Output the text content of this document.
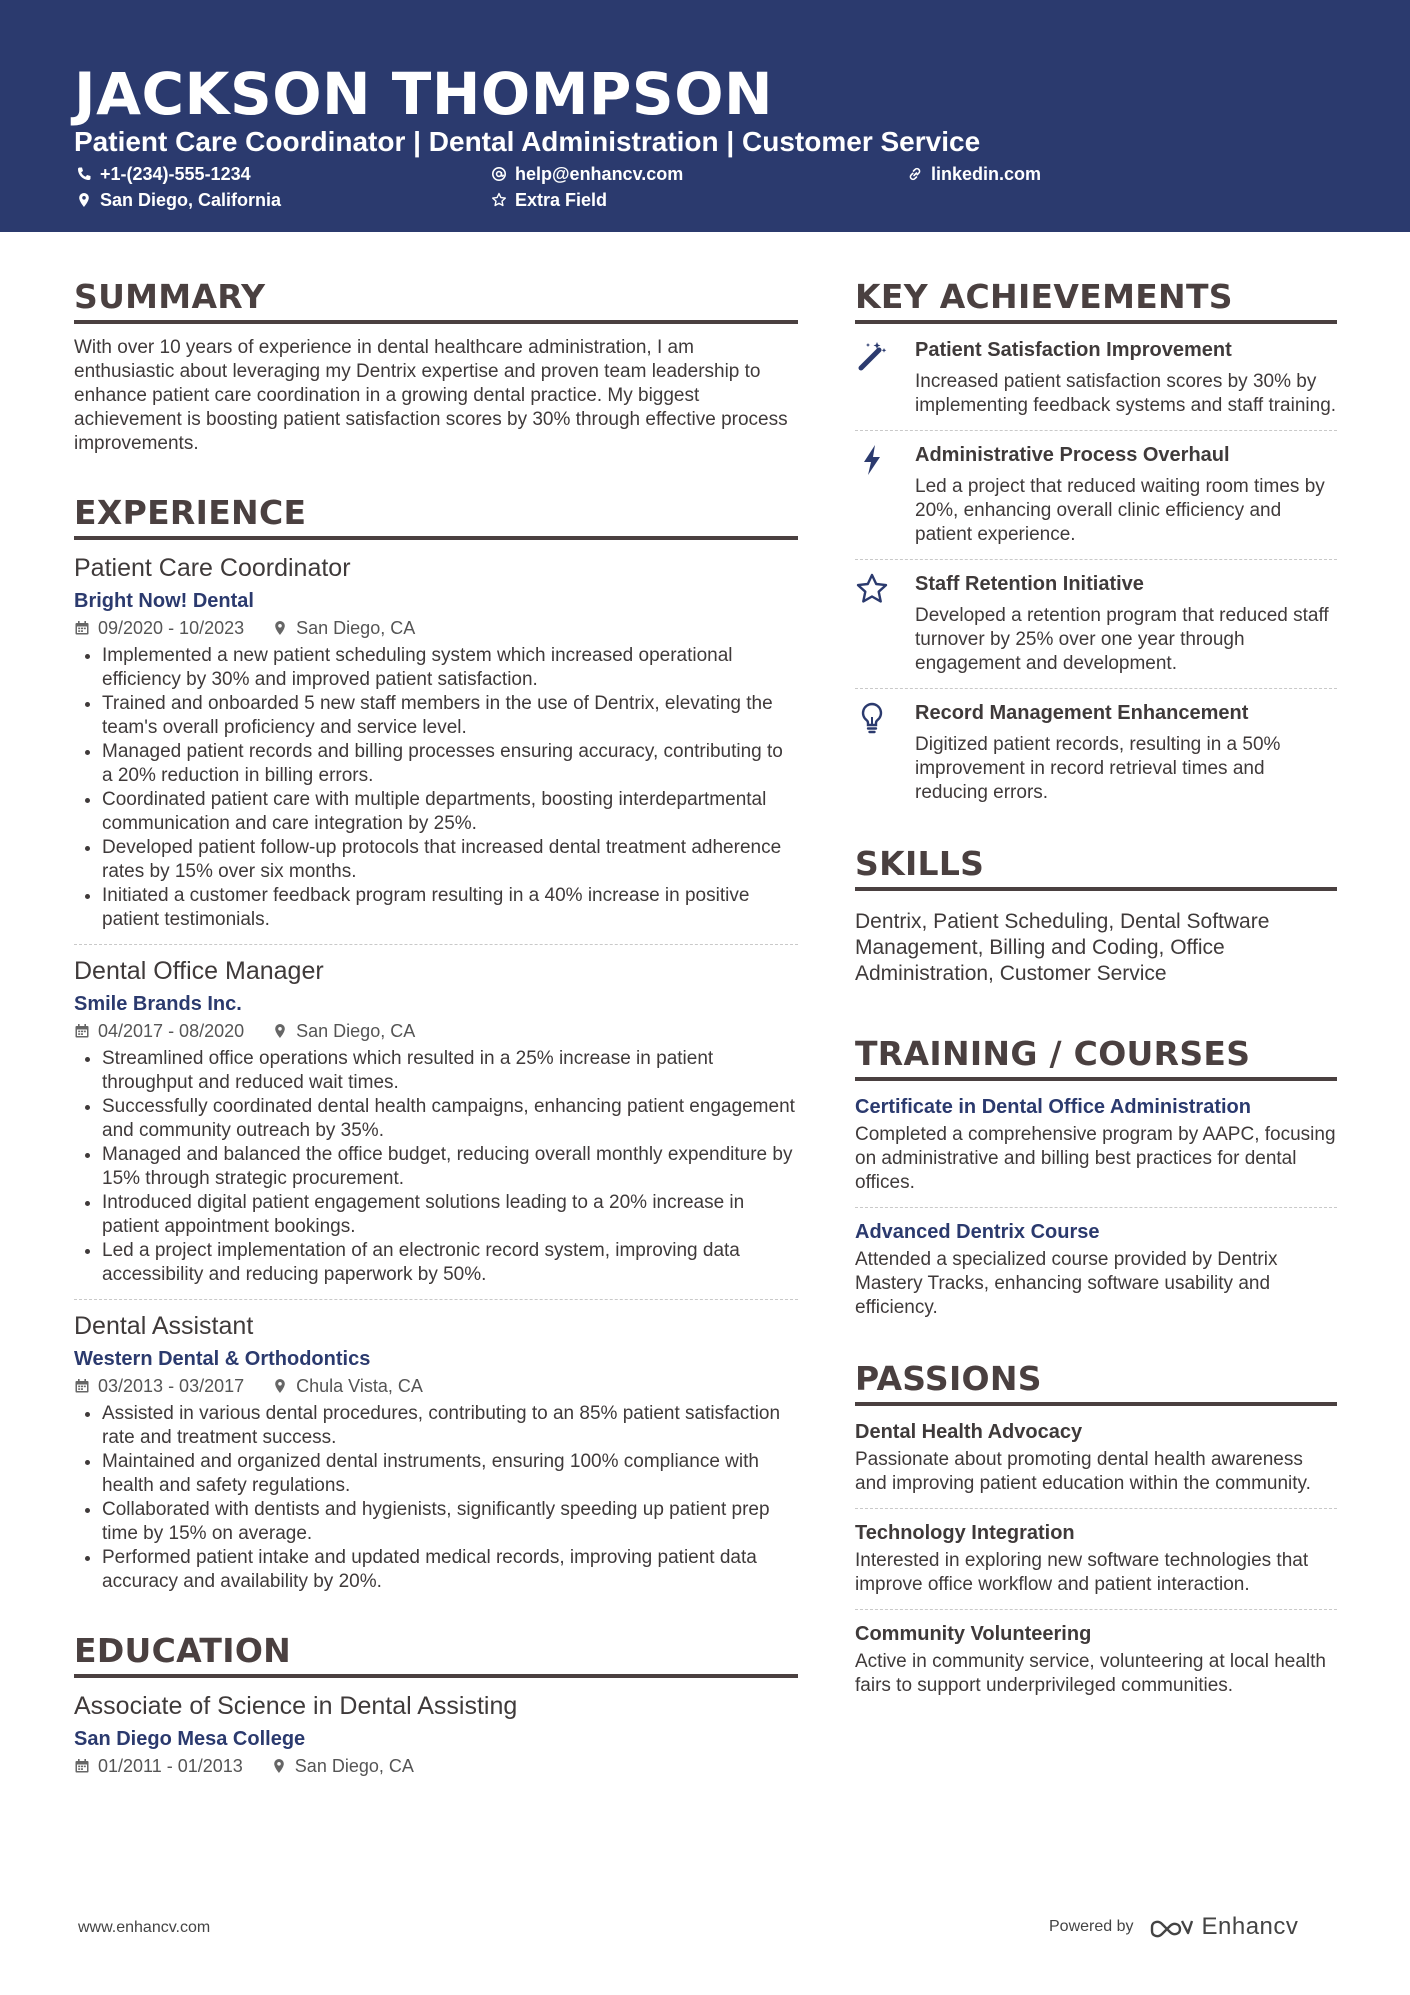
JACKSON THOMPSON
Patient Care Coordinator | Dental Administration | Customer Service
+1-(234)-555-1234	help@enhancv.com	linkedin.com
San Diego, California	Extra Field
SUMMARY

With over 10 years of experience in dental healthcare administration, I am enthusiastic about leveraging my Dentrix expertise and proven team leadership to enhance patient care coordination in a growing dental practice. My biggest achievement is boosting patient satisfaction scores by 30% through effective process improvements.

EXPERIENCE
Patient Care Coordinator
Bright Now! Dental
09/2020 - 10/2023	San Diego, CA
• Implemented a new patient scheduling system which increased operational efficiency by 30% and improved patient satisfaction.
• Trained and onboarded 5 new staff members in the use of Dentrix, elevating the team's overall proficiency and service level.
• Managed patient records and billing processes ensuring accuracy, contributing to a 20% reduction in billing errors.
• Coordinated patient care with multiple departments, boosting interdepartmental communication and care integration by 25%.
• Developed patient follow-up protocols that increased dental treatment adherence rates by 15% over six months.
• Initiated a customer feedback program resulting in a 40% increase in positive patient testimonials.
Dental Office Manager
Smile Brands Inc.
04/2017 - 08/2020	San Diego, CA
• Streamlined office operations which resulted in a 25% increase in patient throughput and reduced wait times.
• Successfully coordinated dental health campaigns, enhancing patient engagement and community outreach by 35%.
• Managed and balanced the office budget, reducing overall monthly expenditure by 15% through strategic procurement.
• Introduced digital patient engagement solutions leading to a 20% increase in patient appointment bookings.
• Led a project implementation of an electronic record system, improving data accessibility and reducing paperwork by 50%.
Dental Assistant
Western Dental & Orthodontics
03/2013 - 03/2017	Chula Vista, CA
• Assisted in various dental procedures, contributing to an 85% patient satisfaction rate and treatment success.
• Maintained and organized dental instruments, ensuring 100% compliance with health and safety regulations.
• Collaborated with dentists and hygienists, significantly speeding up patient prep time by 15% on average.
• Performed patient intake and updated medical records, improving patient data accuracy and availability by 20%.
EDUCATION
Associate of Science in Dental Assisting
San Diego Mesa College
01/2011 - 01/2013	San Diego, CA
KEY ACHIEVEMENTS
Patient Satisfaction Improvement

Increased patient satisfaction scores by 30% by implementing feedback systems and staff training.

Administrative Process Overhaul

Led a project that reduced waiting room times by 20%, enhancing overall clinic efficiency and patient experience.

Staff Retention Initiative

Developed a retention program that reduced staff turnover by 25% over one year through engagement and development.

Record Management Enhancement

Digitized patient records, resulting in a 50% improvement in record retrieval times and reducing errors.

SKILLS

Dentrix, Patient Scheduling, Dental Software Management, Billing and Coding, Office Administration, Customer Service

TRAINING / COURSES
Certificate in Dental Office Administration

Completed a comprehensive program by AAPC, focusing on administrative and billing best practices for dental offices.

Advanced Dentrix Course

Attended a specialized course provided by Dentrix Mastery Tracks, enhancing software usability and efficiency.

PASSIONS
Dental Health Advocacy

Passionate about promoting dental health awareness and improving patient education within the community.

Technology Integration

Interested in exploring new software technologies that improve office workflow and patient interaction.

Community Volunteering

Active in community service, volunteering at local health fairs to support underprivileged communities.

www.enhancv.com	Powered by	Enhancv
